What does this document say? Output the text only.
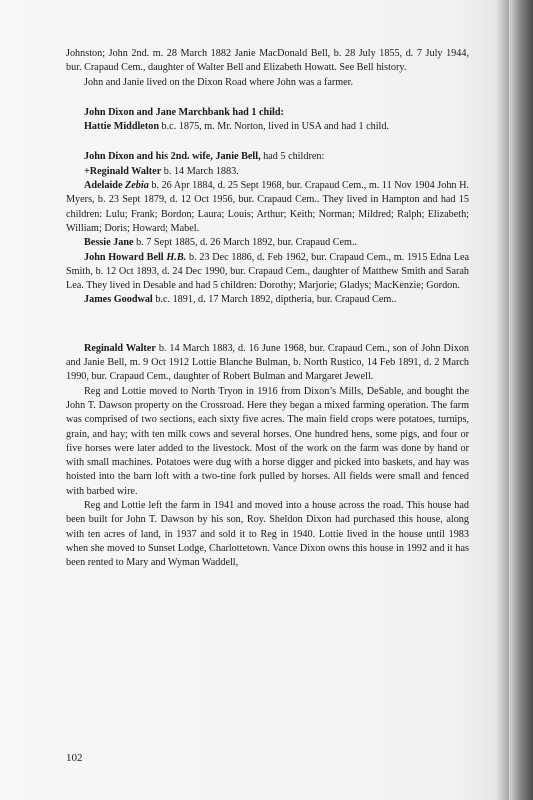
Johnston; John 2nd. m. 28 March 1882 Janie MacDonald Bell, b. 28 July 1855, d. 7 July 1944, bur. Crapaud Cem., daughter of Walter Bell and Elizabeth Howatt. See Bell history.

John and Janie lived on the Dixon Road where John was a farmer.

John Dixon and Jane Marchbank had 1 child:

Hattie Middleton b.c. 1875, m. Mr. Norton, lived in USA and had 1 child.

John Dixon and his 2nd. wife, Janie Bell, had 5 children:

+Reginald Walter b. 14 March 1883.

Adelaide Zebia b. 26 Apr 1884, d. 25 Sept 1968, bur. Crapaud Cem., m. 11 Nov 1904 John H. Myers, b. 23 Sept 1879, d. 12 Oct 1956, bur. Crapaud Cem.. They lived in Hampton and had 15 children: Lulu; Frank; Bordon; Laura; Louis; Arthur; Keith; Norman; Mildred; Ralph; Elizabeth; William; Doris; Howard; Mabel.

Bessie Jane b. 7 Sept 1885, d. 26 March 1892, bur. Crapaud Cem..

John Howard Bell H.B. b. 23 Dec 1886, d. Feb 1962, bur. Crapaud Cem., m. 1915 Edna Lea Smith, b. 12 Oct 1893, d. 24 Dec 1990, bur. Crapaud Cem., daughter of Matthew Smith and Sarah Lea. They lived in Desable and had 5 children: Dorothy; Marjorie; Gladys; MacKenzie; Gordon.

James Goodwal b.c. 1891, d. 17 March 1892, diptheria, bur. Crapaud Cem..

Reginald Walter b. 14 March 1883, d. 16 June 1968, bur. Crapaud Cem., son of John Dixon and Janie Bell, m. 9 Oct 1912 Lottie Blanche Bulman, b. North Rustico, 14 Feb 1891, d. 2 March 1990, bur. Crapaud Cem., daughter of Robert Bulman and Margaret Jewell.

Reg and Lottie moved to North Tryon in 1916 from Dixon’s Mills, DeSable, and bought the John T. Dawson property on the Crossroad. Here they began a mixed farming operation. The farm was comprised of two sections, each sixty five acres. The main field crops were potatoes, turnips, grain, and hay; with ten milk cows and several horses. One hundred hens, some pigs, and four or five horses were later added to the livestock. Most of the work on the farm was done by hand or with small machines. Potatoes were dug with a horse digger and picked into baskets, and hay was hoisted into the barn loft with a two-tine fork pulled by horses. All fields were small and fenced with barbed wire.

Reg and Lottie left the farm in 1941 and moved into a house across the road. This house had been built for John T. Dawson by his son, Roy. Sheldon Dixon had purchased this house, along with ten acres of land, in 1937 and sold it to Reg in 1940. Lottie lived in the house until 1983 when she moved to Sunset Lodge, Charlottetown. Vance Dixon owns this house in 1992 and it has been rented to Mary and Wyman Waddell,

102
